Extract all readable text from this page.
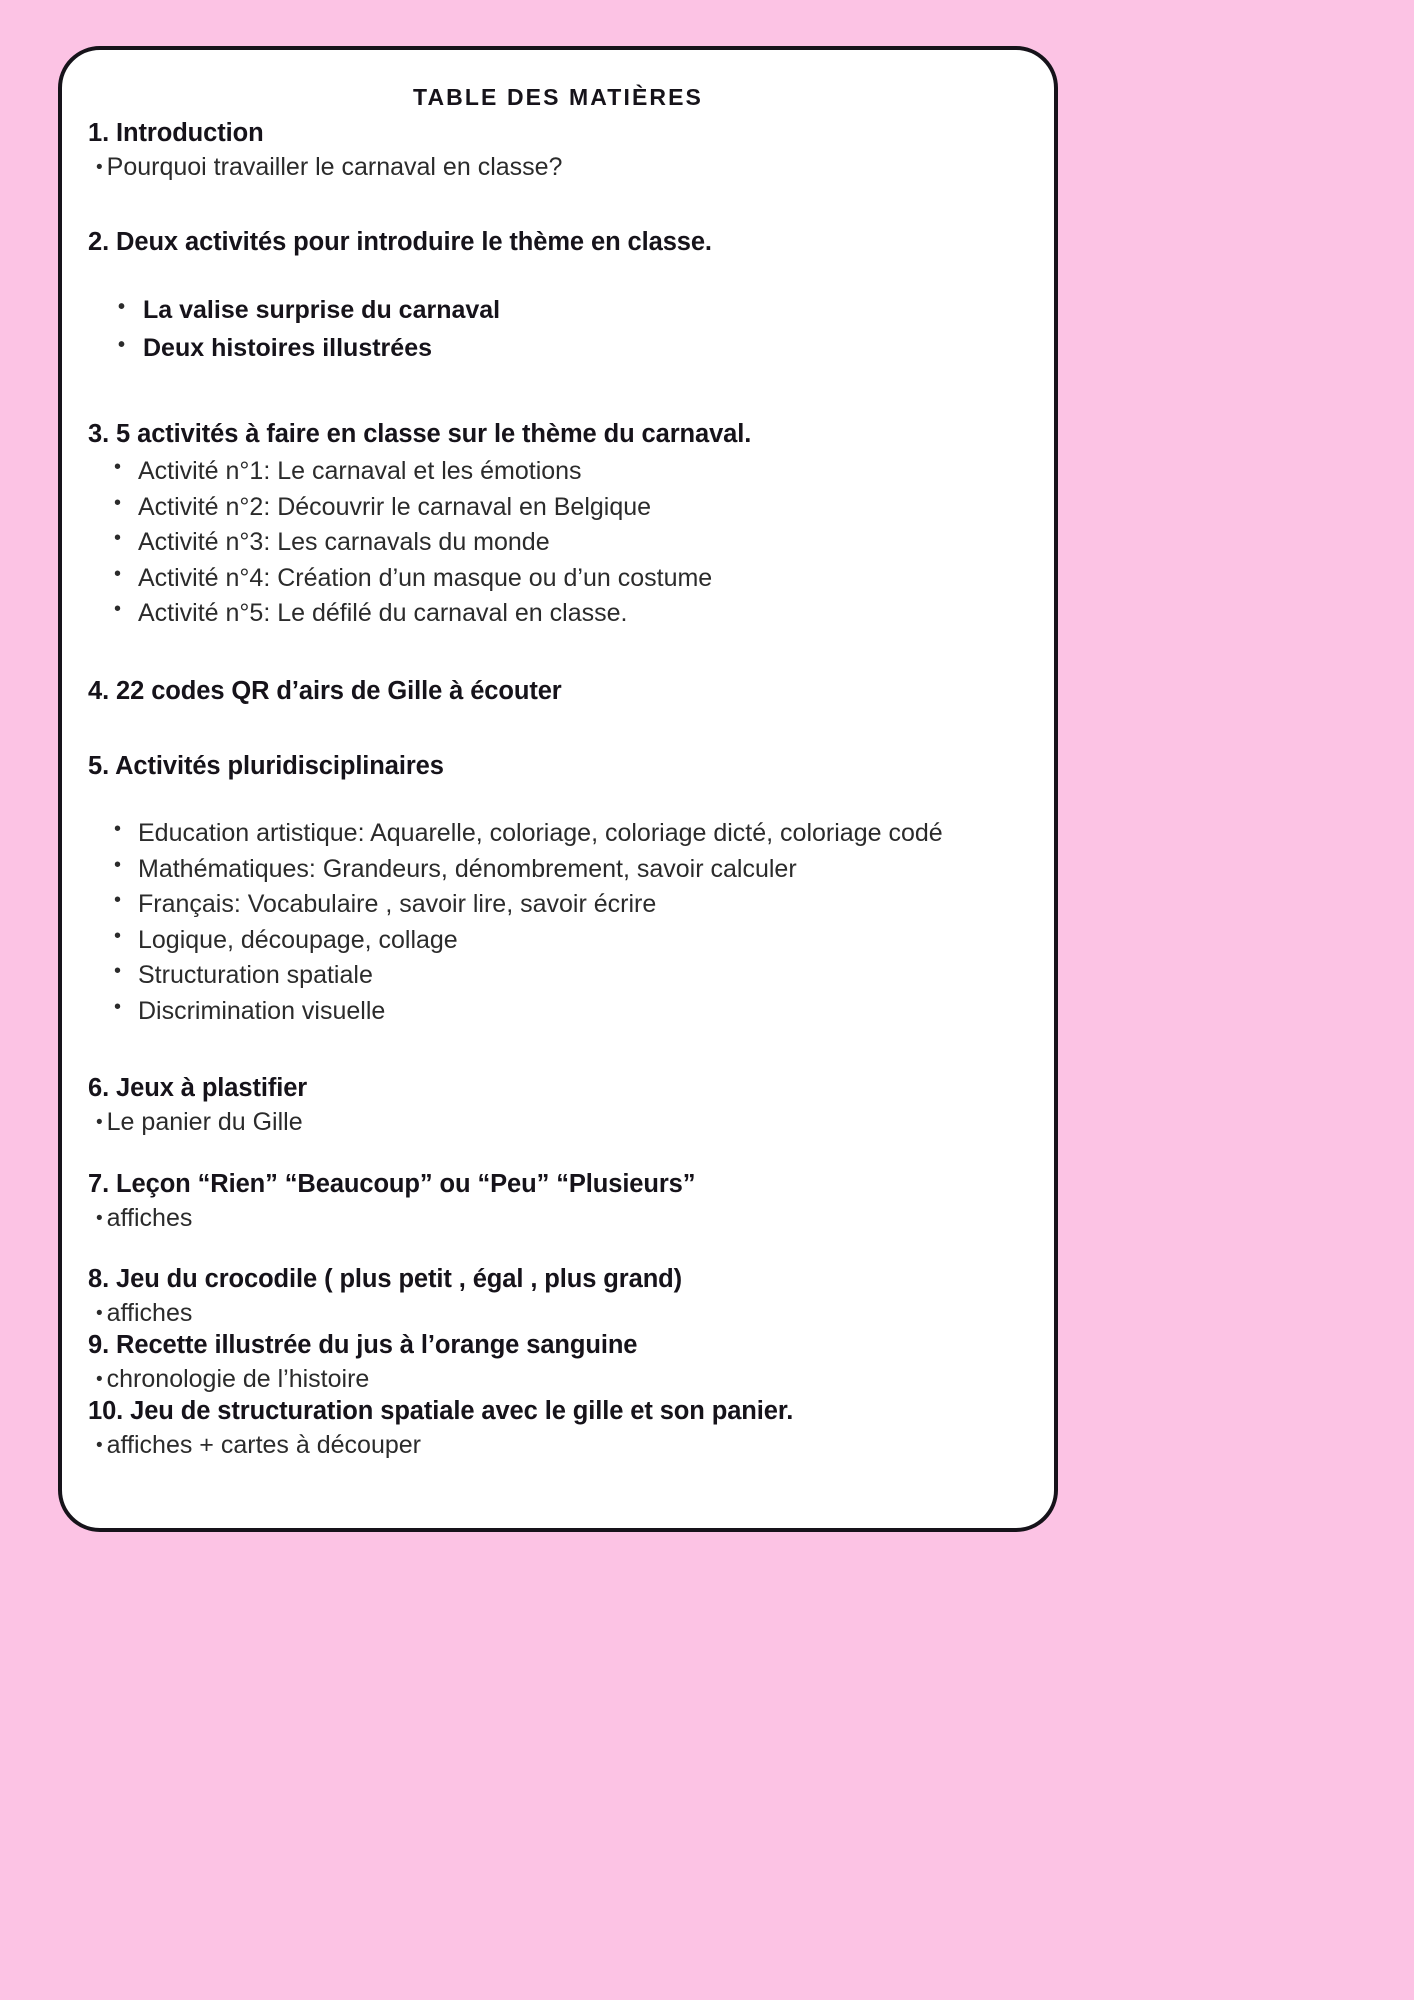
TABLE DES MATIÈRES
1. Introduction
• Pourquoi travailler le carnaval en classe?
2. Deux activités pour introduire le thème en classe.
• La valise surprise du carnaval
• Deux histoires illustrées
3. 5 activités à faire en classe sur le thème du carnaval.
• Activité n°1: Le carnaval et les émotions
• Activité n°2: Découvrir le carnaval en Belgique
• Activité n°3: Les carnavals du monde
• Activité n°4: Création d’un masque ou d’un costume
• Activité n°5: Le défilé du carnaval en classe.
4. 22 codes QR d’airs de Gille à écouter
5. Activités pluridisciplinaires
• Education artistique: Aquarelle, coloriage, coloriage dicté, coloriage codé
• Mathématiques: Grandeurs, dénombrement, savoir calculer
• Français: Vocabulaire , savoir lire, savoir écrire
• Logique, découpage, collage
• Structuration spatiale
• Discrimination visuelle
6. Jeux à plastifier
• Le panier du Gille
7. Leçon “Rien” “Beaucoup” ou “Peu” “Plusieurs”
• affiches
8. Jeu du crocodile ( plus petit , égal , plus grand)
• affiches
9. Recette illustrée du jus à l’orange sanguine
• chronologie de l’histoire
10. Jeu de structuration spatiale avec le gille et son panier.
• affiches + cartes à découper
